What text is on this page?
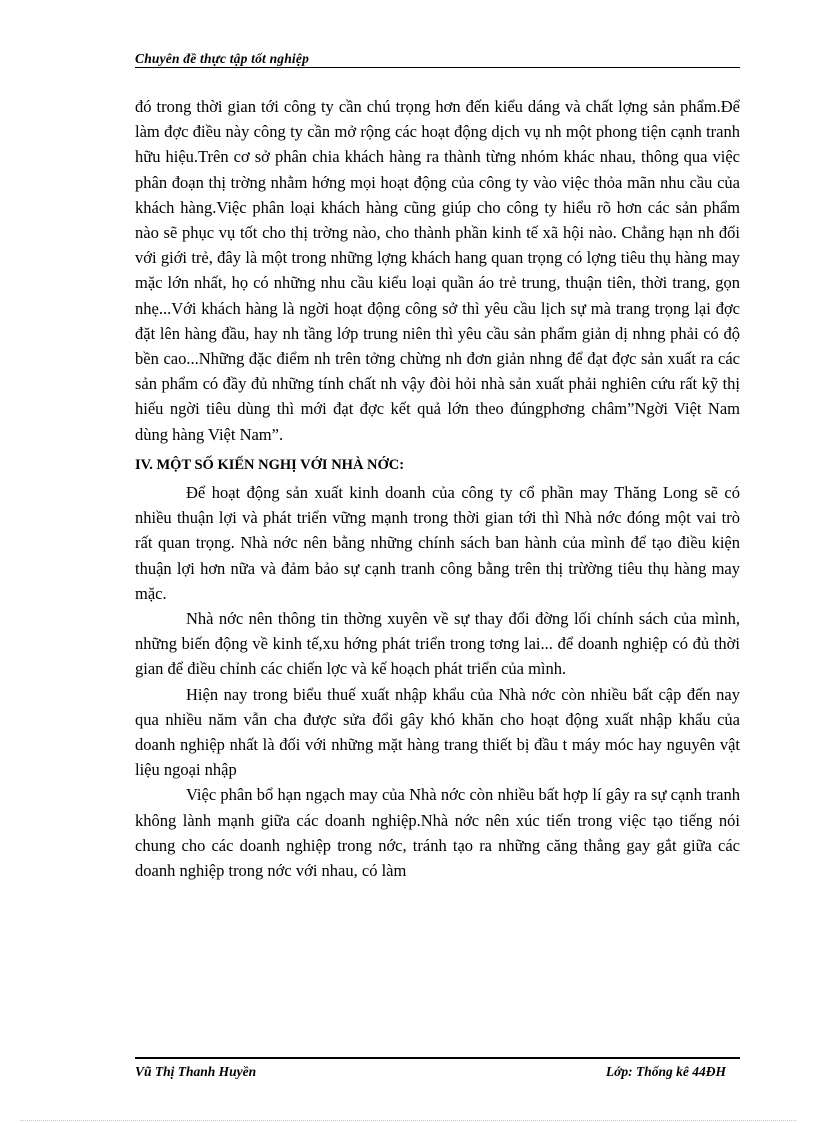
Chuyên đề thực tập tốt nghiệp

đó trong thời gian tới công ty cần chú trọng hơn đến kiểu dáng và chất lợng sản phẩm.Để làm đợc điều này công ty cần mở rộng các hoạt động dịch vụ nh một phong tiện cạnh tranh hữu hiệu.Trên cơ sở phân chia khách hàng ra thành từng nhóm khác nhau, thông qua việc phân đoạn thị trờng nhằm hớng mọi hoạt động của công ty vào việc thỏa mãn nhu cầu của khách hàng.Việc phân loại khách hàng cũng giúp cho công ty hiểu rõ hơn các sản phẩm nào sẽ phục vụ tốt cho thị trờng nào, cho thành phần kinh tế xã hội nào. Chẳng hạn nh đối với giới trẻ, đây là một trong những lợng khách hang quan trọng có lợng tiêu thụ hàng may mặc lớn nhất, họ có những nhu cầu kiểu loại quần áo trẻ trung, thuận tiên, thời trang, gọn nhẹ...Với khách hàng là ngời hoạt động công sở thì yêu cầu lịch sự mà trang trọng lại đợc đặt lên hàng đầu, hay nh tầng lớp trung niên thì yêu cầu sản phẩm giản dị nhng phải có độ bền cao...Những đặc điểm nh trên tởng chừng nh đơn giản nhng để đạt đợc sản xuất ra các sản phẩm có đầy đủ những tính chất nh vậy đòi hỏi nhà sản xuất phải nghiên cứu rất kỹ thị hiếu ngời tiêu dùng thì mới đạt đợc kết quả lớn theo đúngphơng châm”Ngời Việt Nam dùng hàng Việt Nam”.

IV. MỘT SỐ KIẾN NGHỊ VỚI NHÀ NỚC:

Để hoạt động sản xuất kinh doanh của công ty cổ phần may Thăng Long sẽ có nhiều thuận lợi và phát triển vững mạnh trong thời gian tới thì Nhà nớc đóng một vai trò rất quan trọng. Nhà nớc nên bằng những chính sách ban hành của mình để tạo điều kiện thuận lợi hơn nữa và đảm bảo sự cạnh tranh công bằng trên thị trừờng tiêu thụ hàng may mặc.

Nhà nớc nên thông tin thờng xuyên về sự thay đổi đờng lối chính sách của mình, những biến động về kinh tế,xu hớng phát triển trong tơng lai... để doanh nghiệp có đủ thời gian để điều chỉnh các chiến lợc và kế hoạch phát triển của mình.

Hiện nay trong biểu thuế xuất nhập khẩu của Nhà nớc còn nhiều bất cập đến nay qua nhiều năm vẫn cha được sửa đổi gây khó khăn cho hoạt động xuất nhập khẩu của doanh nghiệp nhất là đối với những mặt hàng trang thiết bị đầu t máy móc hay nguyên vật liệu ngoại nhập

Việc phân bổ hạn ngạch may của Nhà nớc còn nhiều bất hợp lí gây ra sự cạnh tranh không lành mạnh giữa các doanh nghiệp.Nhà nớc nên xúc tiến trong việc tạo tiếng nói chung cho các doanh nghiệp trong nớc, tránh tạo ra những căng thẳng gay gắt giữa các doanh nghiệp trong nớc với nhau, có làm

Vũ Thị Thanh Huyền	Lớp: Thống kê 44ĐH
